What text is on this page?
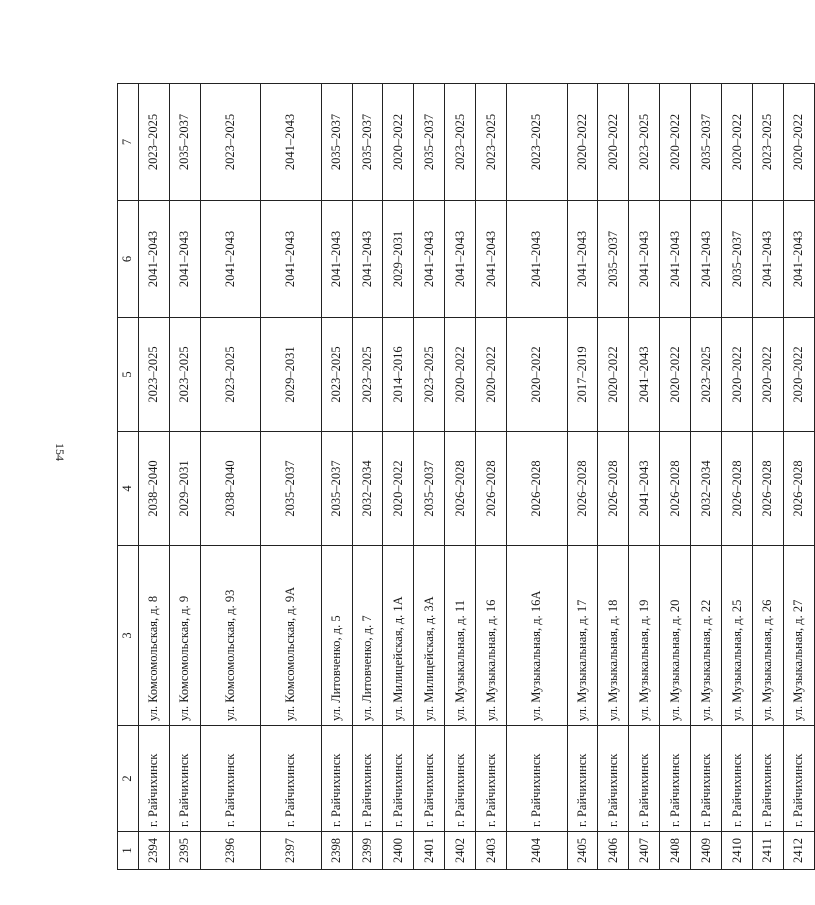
154
1	2	3	4	5	6	7
2394	г. Райчихинск	ул. Комсомольская, д. 8	2038–2040	2023–2025	2041–2043	2023–2025
2395	г. Райчихинск	ул. Комсомольская, д. 9	2029–2031	2023–2025	2041–2043	2035–2037
2396	г. Райчихинск	ул. Комсомольская, д. 93	2038–2040	2023–2025	2041–2043	2023–2025
2397	г. Райчихинск	ул. Комсомольская, д. 9А	2035–2037	2029–2031	2041–2043	2041–2043
2398	г. Райчихинск	ул. Литовченко, д. 5	2035–2037	2023–2025	2041–2043	2035–2037
2399	г. Райчихинск	ул. Литовченко, д. 7	2032–2034	2023–2025	2041–2043	2035–2037
2400	г. Райчихинск	ул. Милицейская, д. 1А	2020–2022	2014–2016	2029–2031	2020–2022
2401	г. Райчихинск	ул. Милицейская, д. 3А	2035–2037	2023–2025	2041–2043	2035–2037
2402	г. Райчихинск	ул. Музыкальная, д. 11	2026–2028	2020–2022	2041–2043	2023–2025
2403	г. Райчихинск	ул. Музыкальная, д. 16	2026–2028	2020–2022	2041–2043	2023–2025
2404	г. Райчихинск	ул. Музыкальная, д. 16А	2026–2028	2020–2022	2041–2043	2023–2025
2405	г. Райчихинск	ул. Музыкальная, д. 17	2026–2028	2017–2019	2041–2043	2020–2022
2406	г. Райчихинск	ул. Музыкальная, д. 18	2026–2028	2020–2022	2035–2037	2020–2022
2407	г. Райчихинск	ул. Музыкальная, д. 19	2041–2043	2041–2043	2041–2043	2023–2025
2408	г. Райчихинск	ул. Музыкальная, д. 20	2026–2028	2020–2022	2041–2043	2020–2022
2409	г. Райчихинск	ул. Музыкальная, д. 22	2032–2034	2023–2025	2041–2043	2035–2037
2410	г. Райчихинск	ул. Музыкальная, д. 25	2026–2028	2020–2022	2035–2037	2020–2022
2411	г. Райчихинск	ул. Музыкальная, д. 26	2026–2028	2020–2022	2041–2043	2023–2025
2412	г. Райчихинск	ул. Музыкальная, д. 27	2026–2028	2020–2022	2041–2043	2020–2022
